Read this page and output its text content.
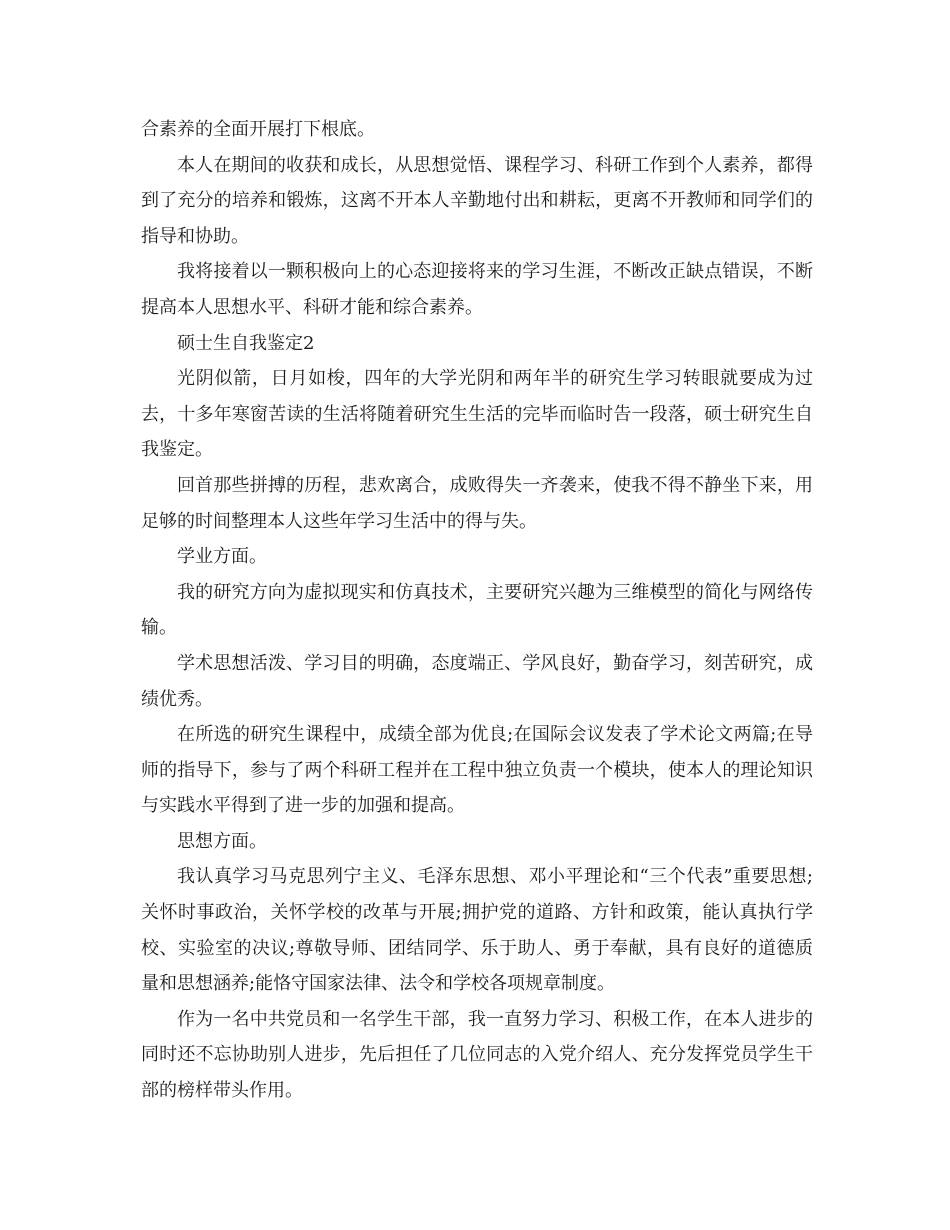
合素养的全面开展打下根底。

本人在期间的收获和成长，从思想觉悟、课程学习、科研工作到个人素养，都得到了充分的培养和锻炼，这离不开本人辛勤地付出和耕耘，更离不开教师和同学们的指导和协助。

我将接着以一颗积极向上的心态迎接将来的学习生涯，不断改正缺点错误，不断提高本人思想水平、科研才能和综合素养。

硕士生自我鉴定2

光阴似箭，日月如梭，四年的大学光阴和两年半的研究生学习转眼就要成为过去，十多年寒窗苦读的生活将随着研究生生活的完毕而临时告一段落，硕士研究生自我鉴定。

回首那些拼搏的历程，悲欢离合，成败得失一齐袭来，使我不得不静坐下来，用足够的时间整理本人这些年学习生活中的得与失。

学业方面。

我的研究方向为虚拟现实和仿真技术，主要研究兴趣为三维模型的简化与网络传输。

学术思想活泼、学习目的明确，态度端正、学风良好，勤奋学习，刻苦研究，成绩优秀。

在所选的研究生课程中，成绩全部为优良;在国际会议发表了学术论文两篇;在导师的指导下，参与了两个科研工程并在工程中独立负责一个模块，使本人的理论知识与实践水平得到了进一步的加强和提高。

思想方面。

我认真学习马克思列宁主义、毛泽东思想、邓小平理论和“三个代表”重要思想;关怀时事政治，关怀学校的改革与开展;拥护党的道路、方针和政策，能认真执行学校、实验室的决议;尊敬导师、团结同学、乐于助人、勇于奉献，具有良好的道德质量和思想涵养;能恪守国家法律、法令和学校各项规章制度。

作为一名中共党员和一名学生干部，我一直努力学习、积极工作，在本人进步的同时还不忘协助别人进步，先后担任了几位同志的入党介绍人、充分发挥党员学生干部的榜样带头作用。
